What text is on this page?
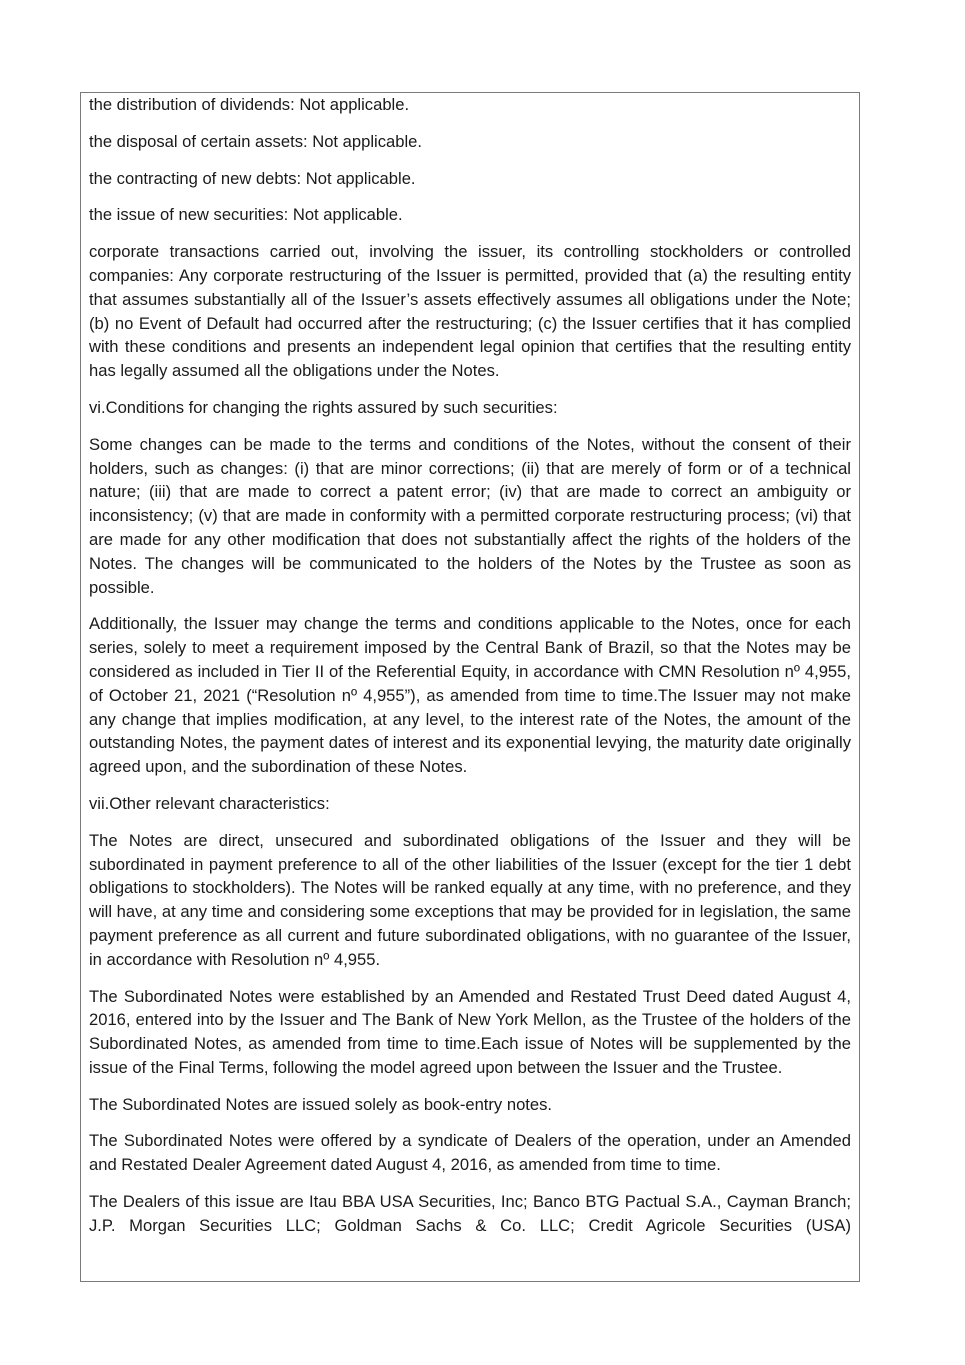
the distribution of dividends: Not applicable.

the disposal of certain assets: Not applicable.

the contracting of new debts: Not applicable.

the issue of new securities: Not applicable.

corporate transactions carried out, involving the issuer, its controlling stockholders or controlled companies: Any corporate restructuring of the Issuer is permitted, provided that (a) the resulting entity that assumes substantially all of the Issuer’s assets effectively assumes all obligations under the Note; (b) no Event of Default had occurred after the restructuring; (c) the Issuer certifies that it has complied with these conditions and presents an independent legal opinion that certifies that the resulting entity has legally assumed all the obligations under the Notes.

vi.Conditions for changing the rights assured by such securities:

Some changes can be made to the terms and conditions of the Notes, without the consent of their holders, such as changes: (i) that are minor corrections; (ii) that are merely of form or of a technical nature; (iii) that are made to correct a patent error; (iv) that are made to correct an ambiguity or inconsistency; (v) that are made in conformity with a permitted corporate restructuring process; (vi) that are made for any other modification that does not substantially affect the rights of the holders of the Notes. The changes will be communicated to the holders of the Notes by the Trustee as soon as possible.

Additionally, the Issuer may change the terms and conditions applicable to the Notes, once for each series, solely to meet a requirement imposed by the Central Bank of Brazil, so that the Notes may be considered as included in Tier II of the Referential Equity, in accordance with CMN Resolution nº 4,955, of October 21, 2021 (“Resolution nº 4,955”), as amended from time to time.The Issuer may not make any change that implies modification, at any level, to the interest rate of the Notes, the amount of the outstanding Notes, the payment dates of interest and its exponential levying, the maturity date originally agreed upon, and the subordination of these Notes.

vii.Other relevant characteristics:

The Notes are direct, unsecured and subordinated obligations of the Issuer and they will be subordinated in payment preference to all of the other liabilities of the Issuer (except for the tier 1 debt obligations to stockholders). The Notes will be ranked equally at any time, with no preference, and they will have, at any time and considering some exceptions that may be provided for in legislation, the same payment preference as all current and future subordinated obligations, with no guarantee of the Issuer, in accordance with Resolution nº 4,955.

The Subordinated Notes were established by an Amended and Restated Trust Deed dated August 4, 2016, entered into by the Issuer and The Bank of New York Mellon, as the Trustee of the holders of the Subordinated Notes, as amended from time to time.Each issue of Notes will be supplemented by the issue of the Final Terms, following the model agreed upon between the Issuer and the Trustee.

The Subordinated Notes are issued solely as book-entry notes.

The Subordinated Notes were offered by a syndicate of Dealers of the operation, under an Amended and Restated Dealer Agreement dated August 4, 2016, as amended from time to time.

The Dealers of this issue are Itau BBA USA Securities, Inc; Banco BTG Pactual S.A., Cayman Branch; J.P. Morgan Securities LLC; Goldman Sachs & Co. LLC; Credit Agricole Securities (USA)
